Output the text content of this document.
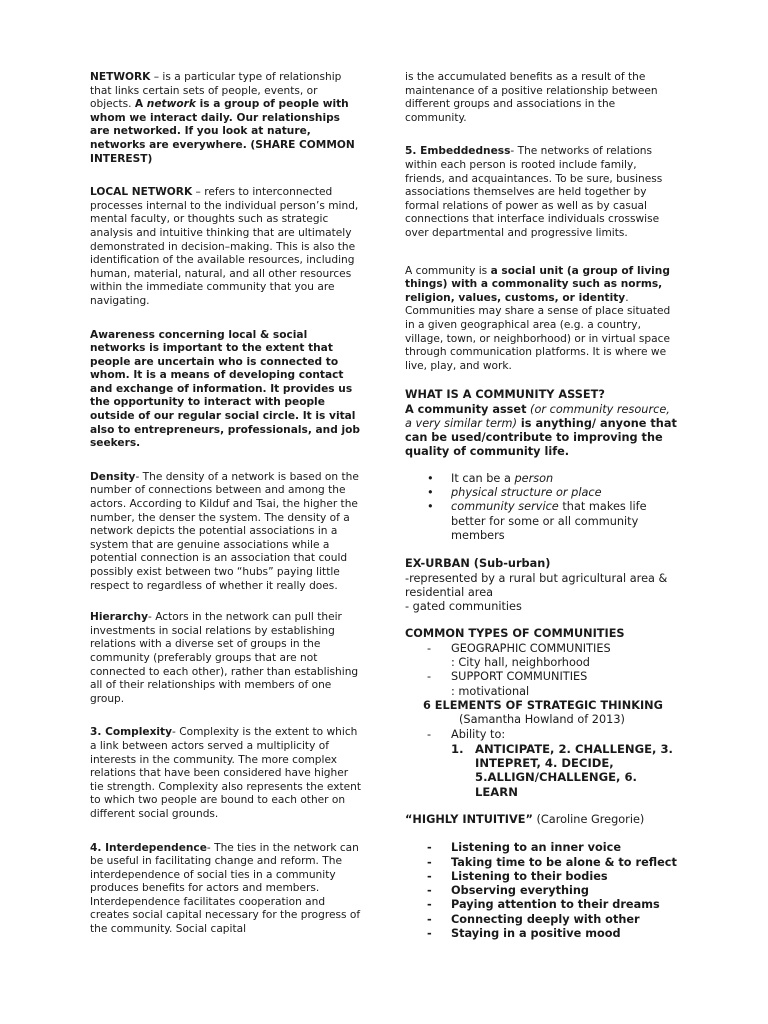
NETWORK – is a particular type of relationship that links certain sets of people, events, or objects. A network is a group of people with whom we interact daily. Our relationships are networked. If you look at nature, networks are everywhere. (SHARE COMMON INTEREST)

LOCAL NETWORK – refers to interconnected processes internal to the individual person’s mind, mental faculty, or thoughts such as strategic analysis and intuitive thinking that are ultimately demonstrated in decision–making. This is also the identification of the available resources, including human, material, natural, and all other resources within the immediate community that you are navigating.

Awareness concerning local & social networks is important to the extent that people are uncertain who is connected to whom. It is a means of developing contact and exchange of information. It provides us the opportunity to interact with people outside of our regular social circle. It is vital also to entrepreneurs, professionals, and job seekers.

Density- The density of a network is based on the number of connections between and among the actors. According to Kilduf and Tsai, the higher the number, the denser the system. The density of a network depicts the potential associations in a system that are genuine associations while a potential connection is an association that could possibly exist between two “hubs” paying little respect to regardless of whether it really does.

Hierarchy- Actors in the network can pull their investments in social relations by establishing relations with a diverse set of groups in the community (preferably groups that are not connected to each other), rather than establishing all of their relationships with members of one group.

3. Complexity- Complexity is the extent to which a link between actors served a multiplicity of interests in the community. The more complex relations that have been considered have higher tie strength. Complexity also represents the extent to which two people are bound to each other on different social grounds.

4. Interdependence- The ties in the network can be useful in facilitating change and reform. The interdependence of social ties in a community produces benefits for actors and members. Interdependence facilitates cooperation and creates social capital necessary for the progress of the community. Social capital

is the accumulated benefits as a result of the maintenance of a positive relationship between different groups and associations in the community.

5. Embeddedness- The networks of relations within each person is rooted include family, friends, and acquaintances. To be sure, business associations themselves are held together by formal relations of power as well as by casual connections that interface individuals crosswise over departmental and progressive limits.

A community is a social unit (a group of living things) with a commonality such as norms, religion, values, customs, or identity. Communities may share a sense of place situated in a given geographical area (e.g. a country, village, town, or neighborhood) or in virtual space through communication platforms. It is where we live, play, and work.

WHAT IS A COMMUNITY ASSET?

A community asset (or community resource, a very similar term) is anything/ anyone that can be used/contribute to improving the quality of community life.

• It can be a person
• physical structure or place
• community service that makes life better for some or all community members

EX-URBAN (Sub-urban)

-represented by a rural but agricultural area & residential area

- gated communities

COMMON TYPES OF COMMUNITIES

- GEOGRAPHIC COMMUNITIES
: City hall, neighborhood
- SUPPORT COMMUNITIES
: motivational

6 ELEMENTS OF STRATEGIC THINKING

(Samantha Howland of 2013)

- Ability to:
1. ANTICIPATE, 2. CHALLENGE, 3. INTEPRET, 4. DECIDE, 5.ALLIGN/CHALLENGE, 6. LEARN

“HIGHLY INTUITIVE” (Caroline Gregorie)

- Listening to an inner voice
- Taking time to be alone & to reflect
- Listening to their bodies
- Observing everything
- Paying attention to their dreams
- Connecting deeply with other
- Staying in a positive mood
